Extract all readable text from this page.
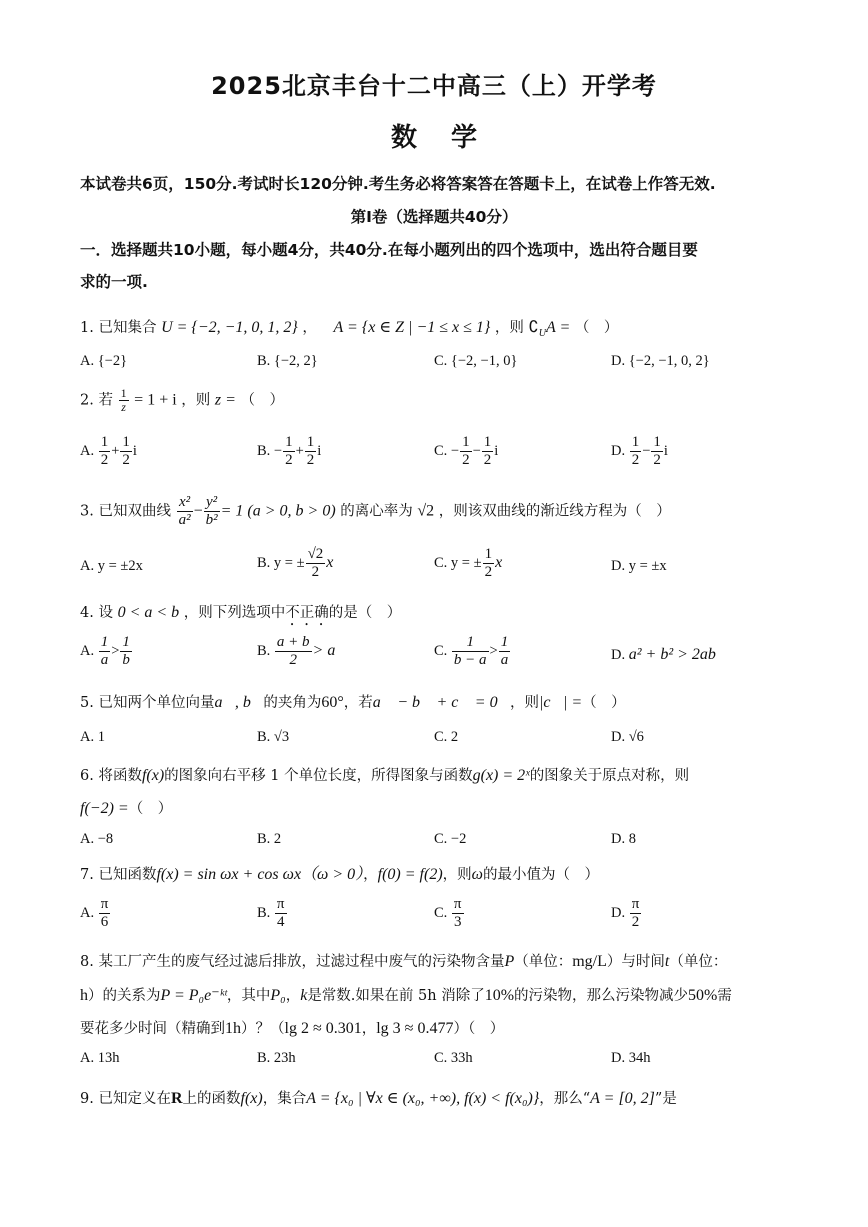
2025北京丰台十二中高三（上）开学考
数学
本试卷共6页，150分.考试时长120分钟.考生务必将答案答在答题卡上，在试卷上作答无效.
第I卷（选择题共40分）
一．选择题共10小题，每小题4分，共40分.在每小题列出的四个选项中，选出符合题目要
求的一项.
1. 已知集合 U = {−2, −1, 0, 1, 2} ， A = {x ∈ Z | −1 ≤ x ≤ 1} ，则 $∁_UA$ = （　）
A. {−2}	B. {−2, 2}	C. {−2, −1, 0}	D. {−2, −1, 0, 2}
2. 若 $\frac{1}{z} = 1 + i$ ，则 z = （　）
A. $\frac{1}{2} + \frac{1}{2}$ i	B. − $\frac{1}{2} + \frac{1}{2}$ i	C. − $\frac{1}{2} - \frac{1}{2}$ i	D. $\frac{1}{2} - \frac{1}{2}$ i
3. 已知双曲线 $\frac{\text{x²}}{\text{a²}} - \frac{\text{y²}}{\text{b²}} = 1$ (a > 0, b > 0) 的离心率为 √2 ，则该双曲线的渐近线方程为（　）
A. y = ±2x	B. y = ± $\frac{√2}{2}$ x	C. y = ± $\frac{1}{2}$ x	D. y = ±x
4. 设 0 < a < b ，则下列选项中不正确的是（　）
A. $\frac{1}{a} > \frac{1}{b}$	B. $\frac{a + b}{2} > a$	C. $\frac{1}{b - a} > \frac{1}{a}$	D. a² + b² > 2ab
5. 已知两个单位向量a⃗, b⃗的夹角为60°，若a⃗ − b⃗ + c⃗ = 0⃗，则|c⃗| =（　）
A. 1	B. √3	C. 2	D. √6
6. 将函数f(x)的图象向右平移 1 个单位长度，所得图象与函数g(x) = 2ˣ的图象关于原点对称，则
f(−2) =（　）
A. −8	B. 2	C. −2	D. 8
7. 已知函数f(x) = sin ωx + cos ωx（ω > 0），f(0) = f(2)，则ω的最小值为（　）
A. $\frac{\pi}{6}$	B. $\frac{\pi}{4}$	C. $\frac{\pi}{3}$	D. $\frac{\pi}{2}$
8. 某工厂产生的废气经过滤后排放，过滤过程中废气的污染物含量P（单位：mg/L）与时间t（单位：
h）的关系为P = P₀e⁻ᵏᵗ，其中P₀，k是常数.如果在前 5h 消除了10%的污染物，那么污染物减少50%需
要花多少时间（精确到1h）？（lg 2 ≈ 0.301，lg 3 ≈ 0.477）（　）
A. 13h	B. 23h	C. 33h	D. 34h
9. 已知定义在R上的函数f(x)，集合A = {x₀ | ∀x ∈ (x₀, +∞), f(x) < f(x₀)}，那么“A = [0, 2]”是
